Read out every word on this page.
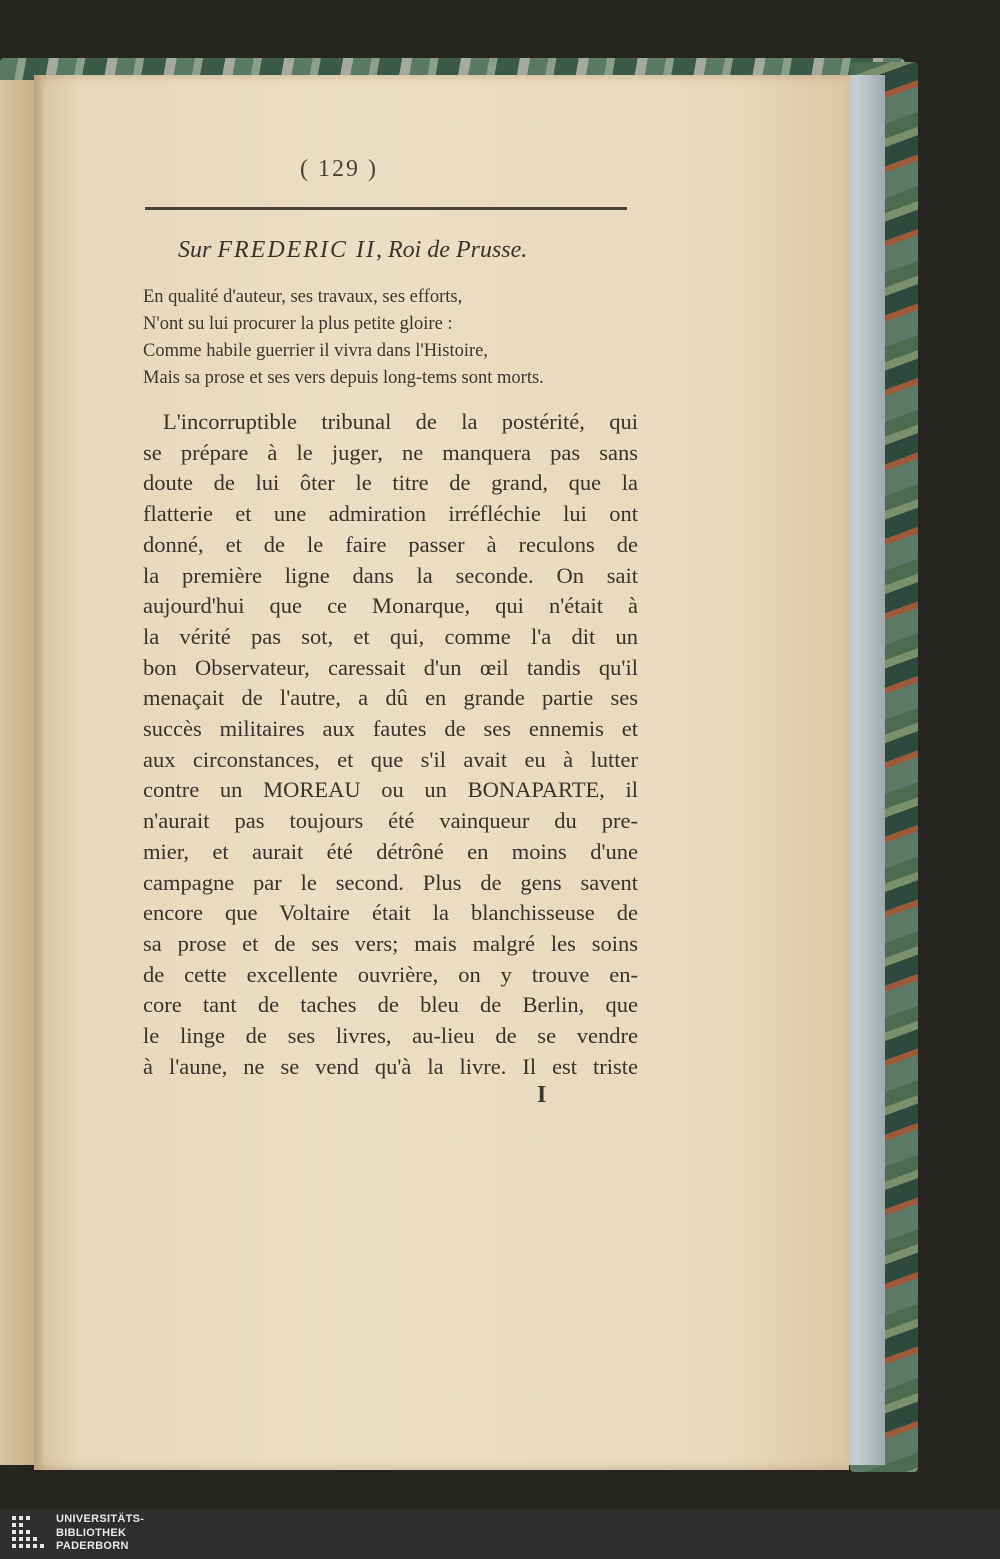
( 129 )
Sur FREDERIC II, Roi de Prusse.
En qualité d'auteur, ses travaux, ses efforts,
N'ont su lui procurer la plus petite gloire :
Comme habile guerrier il vivra dans l'Histoire,
Mais sa prose et ses vers depuis long-tems sont morts.
L'incorruptible tribunal de la postérité, qui
se prépare à le juger, ne manquera pas sans
doute de lui ôter le titre de grand, que la
flatterie et une admiration irréfléchie lui ont
donné, et de le faire passer à reculons de
la première ligne dans la seconde. On sait
aujourd'hui que ce Monarque, qui n'était à
la vérité pas sot, et qui, comme l'a dit un
bon Observateur, caressait d'un œil tandis qu'il
menaçait de l'autre, a dû en grande partie ses
succès militaires aux fautes de ses ennemis et
aux circonstances, et que s'il avait eu à lutter
contre un MOREAU ou un BONAPARTE, il
n'aurait pas toujours été vainqueur du pre-
mier, et aurait été détrôné en moins d'une
campagne par le second. Plus de gens savent
encore que Voltaire était la blanchisseuse de
sa prose et de ses vers; mais malgré les soins
de cette excellente ouvrière, on y trouve en-
core tant de taches de bleu de Berlin, que
le linge de ses livres, au-lieu de se vendre
à l'aune, ne se vend qu'à la livre. Il est triste
I
UNIVERSITÄTS-
BIBLIOTHEK
PADERBORN
